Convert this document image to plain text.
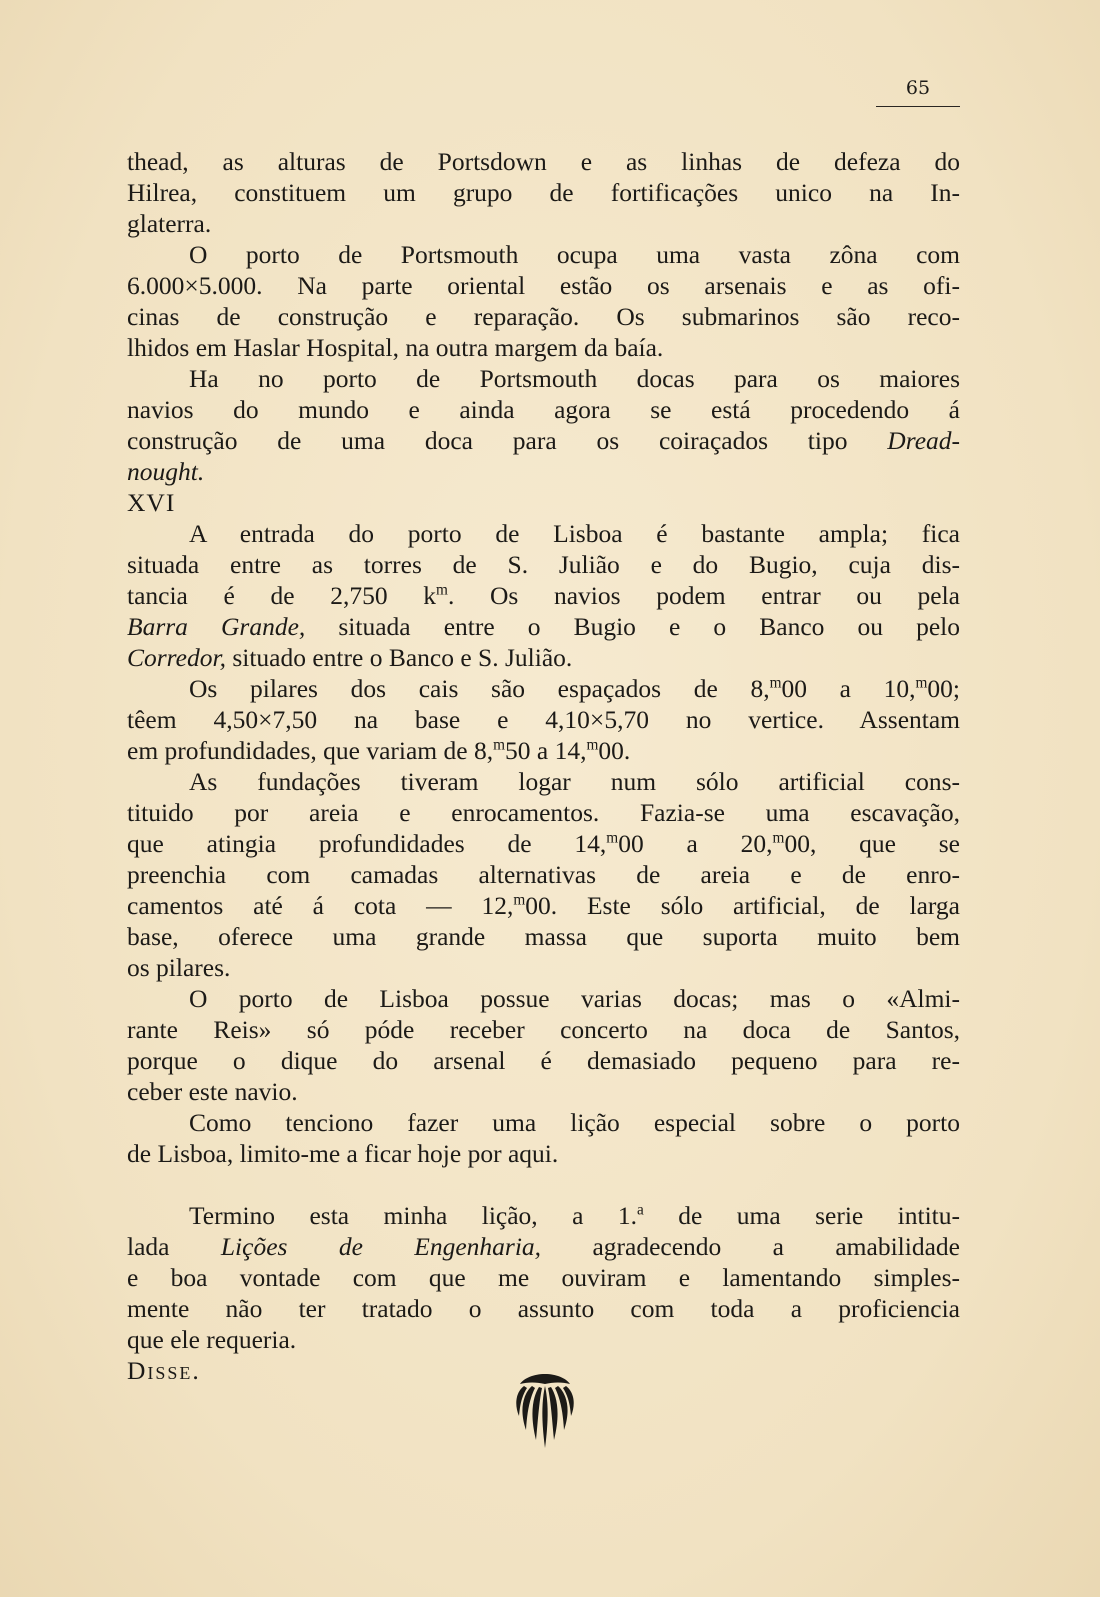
65

thead, as alturas de Portsdown e as linhas de defeza do
Hilrea, constituem um grupo de fortificações unico na In-
glaterra.

O porto de Portsmouth ocupa uma vasta zôna com
6.000×5.000. Na parte oriental estão os arsenais e as ofi-
cinas de construção e reparação. Os submarinos são reco-
lhidos em Haslar Hospital, na outra margem da baía.

Ha no porto de Portsmouth docas para os maiores
navios do mundo e ainda agora se está procedendo á
construção de uma doca para os coiraçados tipo Dread-
nought.

XVI

A entrada do porto de Lisboa é bastante ampla; fica
situada entre as torres de S. Julião e do Bugio, cuja dis-
tancia é de 2,750 $k^m$. Os navios podem entrar ou pela
Barra Grande, situada entre o Bugio e o Banco ou pelo
Corredor, situado entre o Banco e S. Julião.

Os pilares dos cais são espaçados de 8,$^m$00 a 10,$^m$00;
têem 4,50×7,50 na base e 4,10×5,70 no vertice. Assentam
em profundidades, que variam de 8,$^m$50 a 14,$^m$00.

As fundações tiveram logar num sólo artificial cons-
tituido por areia e enrocamentos. Fazia-se uma escavação,
que atingia profundidades de 14,$^m$00 a 20,$^m$00, que se
preenchia com camadas alternativas de areia e de enro-
camentos até á cota — 12,$^m$00. Este sólo artificial, de larga
base, oferece uma grande massa que suporta muito bem
os pilares.

O porto de Lisboa possue varias docas; mas o «Almi-
rante Reis» só póde receber concerto na doca de Santos,
porque o dique do arsenal é demasiado pequeno para re-
ceber este navio.

Como tenciono fazer uma lição especial sobre o porto
de Lisboa, limito-me a ficar hoje por aqui.

Termino esta minha lição, a 1.$^a$ de uma serie intitu-
lada Lições de Engenharia, agradecendo a amabilidade
e boa vontade com que me ouviram e lamentando simples-
mente não ter tratado o assunto com toda a proficiencia
que ele requeria.

Disse.
